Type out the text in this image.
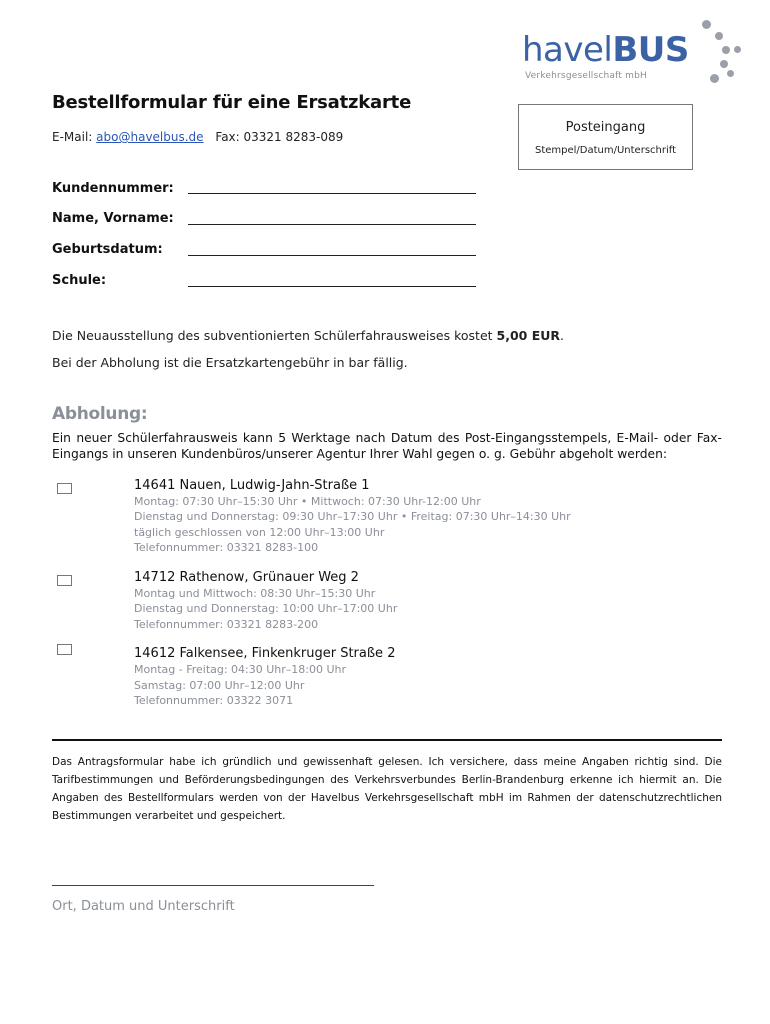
havelBUS
Verkehrsgesellschaft mbH
Bestellformular für eine Ersatzkarte
E-Mail: abo@havelbus.de Fax: 03321 8283-089
Posteingang
Stempel/Datum/Unterschrift
Kundennummer:
Name, Vorname:
Geburtsdatum:
Schule:
Die Neuausstellung des subventionierten Schülerfahrausweises kostet 5,00 EUR.
Bei der Abholung ist die Ersatzkartengebühr in bar fällig.
Abholung:
Ein neuer Schülerfahrausweis kann 5 Werktage nach Datum des Post-Eingangsstempels, E-Mail- oder Fax-Eingangs in unseren Kundenbüros/unserer Agentur Ihrer Wahl gegen o. g. Gebühr abgeholt werden:
14641 Nauen, Ludwig-Jahn-Straße 1
Montag: 07:30 Uhr–15:30 Uhr • Mittwoch: 07:30 Uhr-12:00 Uhr
Dienstag und Donnerstag: 09:30 Uhr–17:30 Uhr • Freitag: 07:30 Uhr–14:30 Uhr
täglich geschlossen von 12:00 Uhr–13:00 Uhr
Telefonnummer: 03321 8283-100
14712 Rathenow, Grünauer Weg 2
Montag und Mittwoch: 08:30 Uhr–15:30 Uhr
Dienstag und Donnerstag: 10:00 Uhr–17:00 Uhr
Telefonnummer: 03321 8283-200
14612 Falkensee, Finkenkruger Straße 2
Montag - Freitag: 04:30 Uhr–18:00 Uhr
Samstag: 07:00 Uhr–12:00 Uhr
Telefonnummer: 03322 3071
Das Antragsformular habe ich gründlich und gewissenhaft gelesen. Ich versichere, dass meine Angaben richtig sind. Die Tarifbestimmungen und Beförderungsbedingungen des Verkehrsverbundes Berlin-Brandenburg erkenne ich hiermit an. Die Angaben des Bestellformulars werden von der Havelbus Verkehrsgesellschaft mbH im Rahmen der datenschutzrechtlichen Bestimmungen verarbeitet und gespeichert.
Ort, Datum und Unterschrift
